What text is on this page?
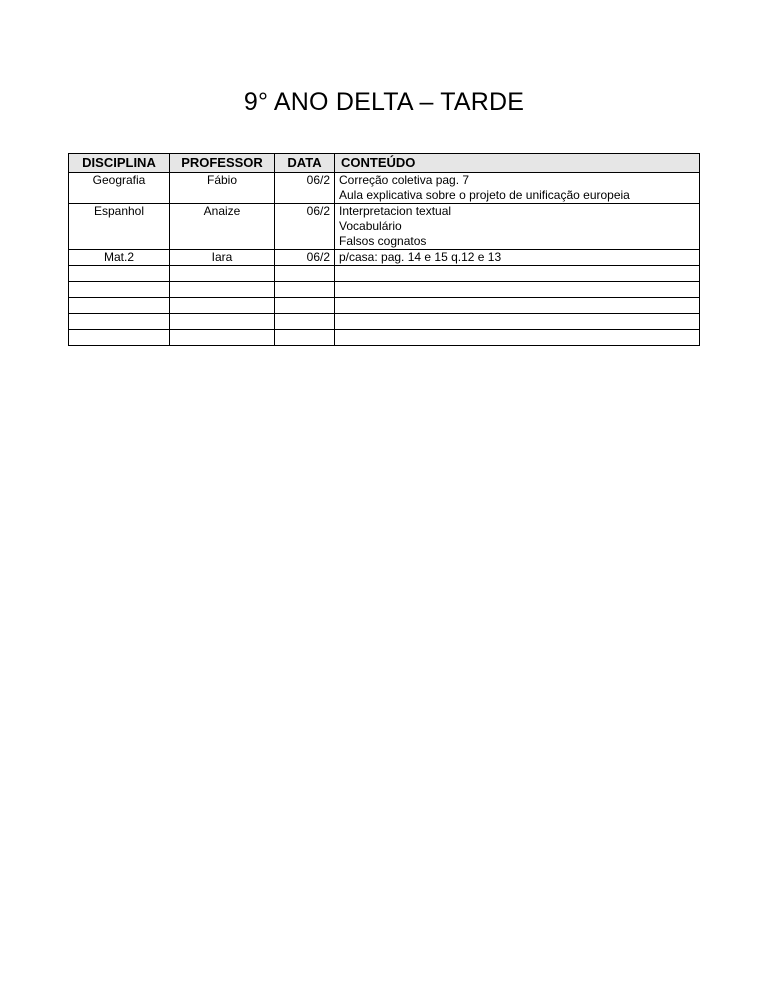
9° ANO DELTA – TARDE
DISCIPLINA	PROFESSOR	DATA	CONTEÚDO
Geografia	Fábio	06/2	Correção coletiva pag. 7
			Aula explicativa sobre o projeto de unificação europeia
Espanhol	Anaize	06/2	Interpretacion textual
			Vocabulário
			Falsos cognatos
Mat.2	Iara	06/2	p/casa: pag. 14 e 15 q.12 e 13
